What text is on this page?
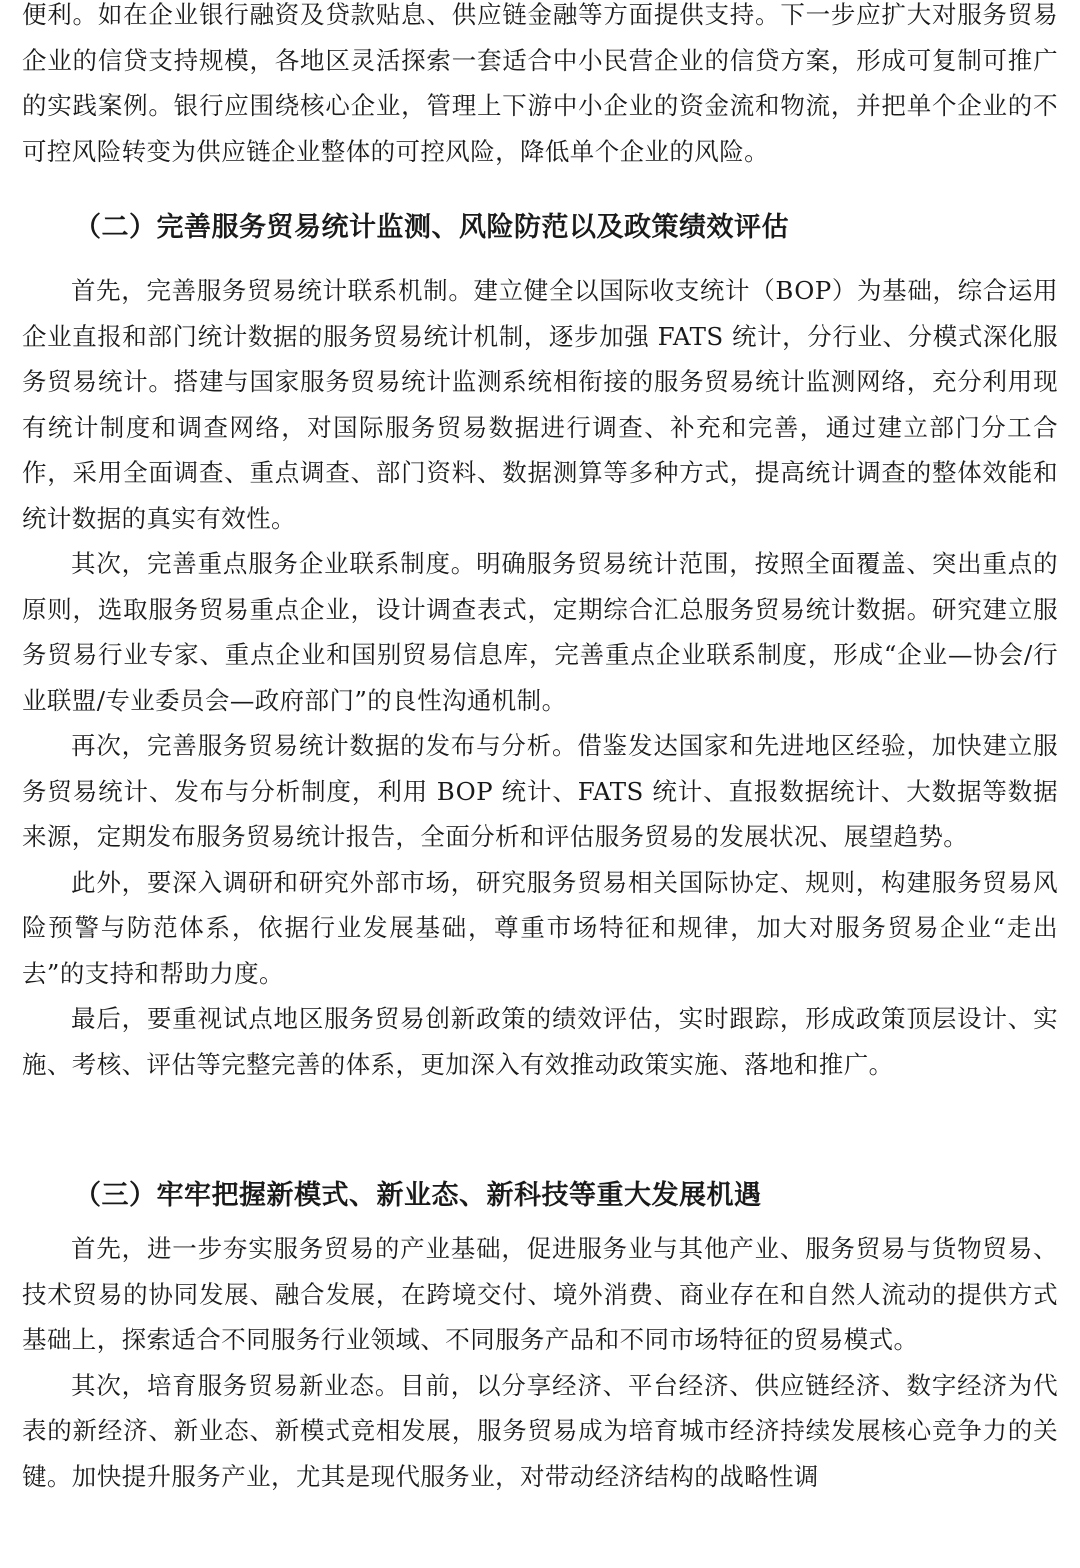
便利。如在企业银行融资及贷款贴息、供应链金融等方面提供支持。下一步应扩大对服务贸易企业的信贷支持规模，各地区灵活探索一套适合中小民营企业的信贷方案，形成可复制可推广的实践案例。银行应围绕核心企业，管理上下游中小企业的资金流和物流，并把单个企业的不可控风险转变为供应链企业整体的可控风险，降低单个企业的风险。

（二）完善服务贸易统计监测、风险防范以及政策绩效评估

首先，完善服务贸易统计联系机制。建立健全以国际收支统计（BOP）为基础，综合运用企业直报和部门统计数据的服务贸易统计机制，逐步加强 FATS 统计，分行业、分模式深化服务贸易统计。搭建与国家服务贸易统计监测系统相衔接的服务贸易统计监测网络，充分利用现有统计制度和调查网络，对国际服务贸易数据进行调查、补充和完善，通过建立部门分工合作，采用全面调查、重点调查、部门资料、数据测算等多种方式，提高统计调查的整体效能和统计数据的真实有效性。

其次，完善重点服务企业联系制度。明确服务贸易统计范围，按照全面覆盖、突出重点的原则，选取服务贸易重点企业，设计调查表式，定期综合汇总服务贸易统计数据。研究建立服务贸易行业专家、重点企业和国别贸易信息库，完善重点企业联系制度，形成“企业—协会/行业联盟/专业委员会—政府部门”的良性沟通机制。

再次，完善服务贸易统计数据的发布与分析。借鉴发达国家和先进地区经验，加快建立服务贸易统计、发布与分析制度，利用 BOP 统计、FATS 统计、直报数据统计、大数据等数据来源，定期发布服务贸易统计报告，全面分析和评估服务贸易的发展状况、展望趋势。

此外，要深入调研和研究外部市场，研究服务贸易相关国际协定、规则，构建服务贸易风险预警与防范体系，依据行业发展基础，尊重市场特征和规律，加大对服务贸易企业“走出去”的支持和帮助力度。

最后，要重视试点地区服务贸易创新政策的绩效评估，实时跟踪，形成政策顶层设计、实施、考核、评估等完整完善的体系，更加深入有效推动政策实施、落地和推广。

（三）牢牢把握新模式、新业态、新科技等重大发展机遇

首先，进一步夯实服务贸易的产业基础，促进服务业与其他产业、服务贸易与货物贸易、技术贸易的协同发展、融合发展，在跨境交付、境外消费、商业存在和自然人流动的提供方式基础上，探索适合不同服务行业领域、不同服务产品和不同市场特征的贸易模式。

其次，培育服务贸易新业态。目前，以分享经济、平台经济、供应链经济、数字经济为代表的新经济、新业态、新模式竞相发展，服务贸易成为培育城市经济持续发展核心竞争力的关键。加快提升服务产业，尤其是现代服务业，对带动经济结构的战略性调
